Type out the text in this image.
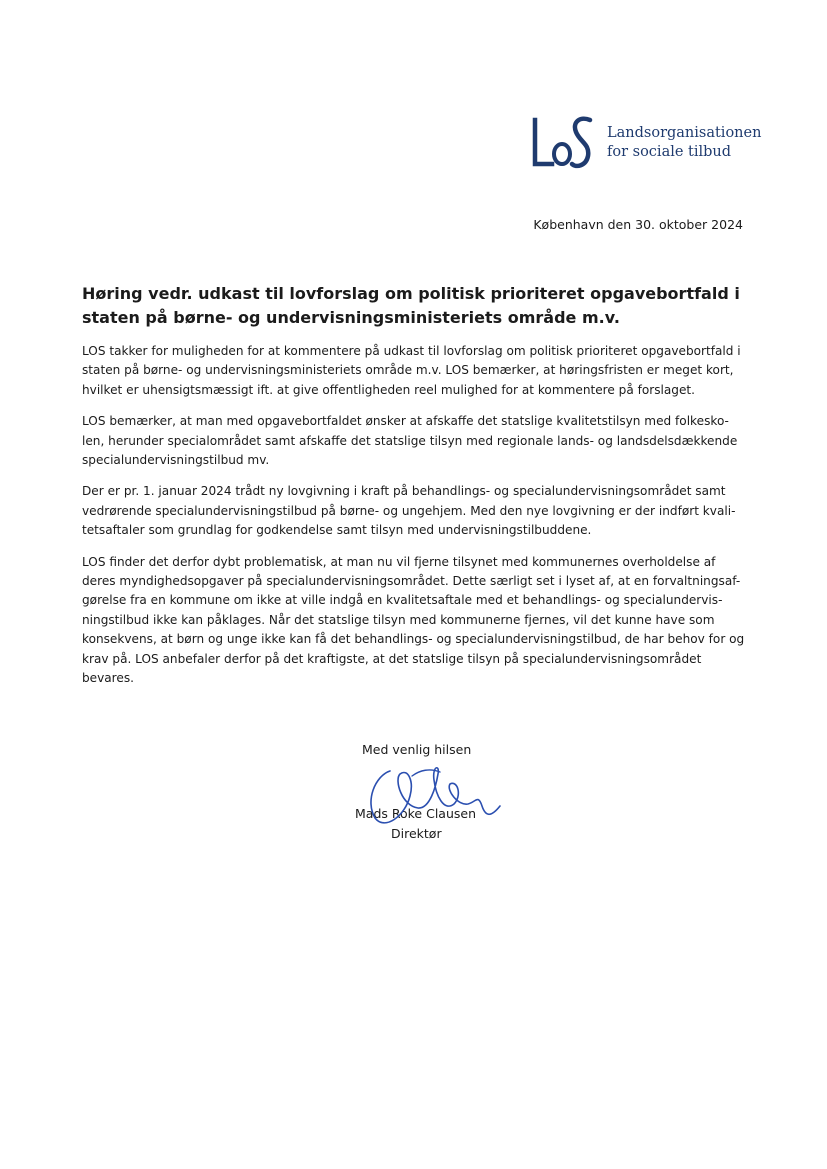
Landsorganisationen
for sociale tilbud
København den 30. oktober 2024
Høring vedr. udkast til lovforslag om politisk prioriteret opgavebortfald i staten på børne- og undervisningsministeriets område m.v.

LOS takker for muligheden for at kommentere på udkast til lovforslag om politisk prioriteret opgavebortfald i staten på børne- og undervisningsministeriets område m.v. LOS bemærker, at høringsfristen er meget kort, hvilket er uhensigtsmæssigt ift. at give offentligheden reel mulighed for at kommentere på forslaget.

LOS bemærker, at man med opgavebortfaldet ønsker at afskaffe det statslige kvalitetstilsyn med folkesko-len, herunder specialområdet samt afskaffe det statslige tilsyn med regionale lands- og landsdelsdækkende specialundervisningstilbud mv.

Der er pr. 1. januar 2024 trådt ny lovgivning i kraft på behandlings- og specialundervisningsområdet samt vedrørende specialundervisningstilbud på børne- og ungehjem. Med den nye lovgivning er der indført kvali-tetsaftaler som grundlag for godkendelse samt tilsyn med undervisningstilbuddene.

LOS finder det derfor dybt problematisk, at man nu vil fjerne tilsynet med kommunernes overholdelse af deres myndighedsopgaver på specialundervisningsområdet. Dette særligt set i lyset af, at en forvaltningsaf-gørelse fra en kommune om ikke at ville indgå en kvalitetsaftale med et behandlings- og specialundervis-ningstilbud ikke kan påklages. Når det statslige tilsyn med kommunerne fjernes, vil det kunne have som konsekvens, at børn og unge ikke kan få det behandlings- og specialundervisningstilbud, de har behov for og krav på. LOS anbefaler derfor på det kraftigste, at det statslige tilsyn på specialundervisningsområdet bevares.

Med venlig hilsen
Mads Roke Clausen
Direktør
